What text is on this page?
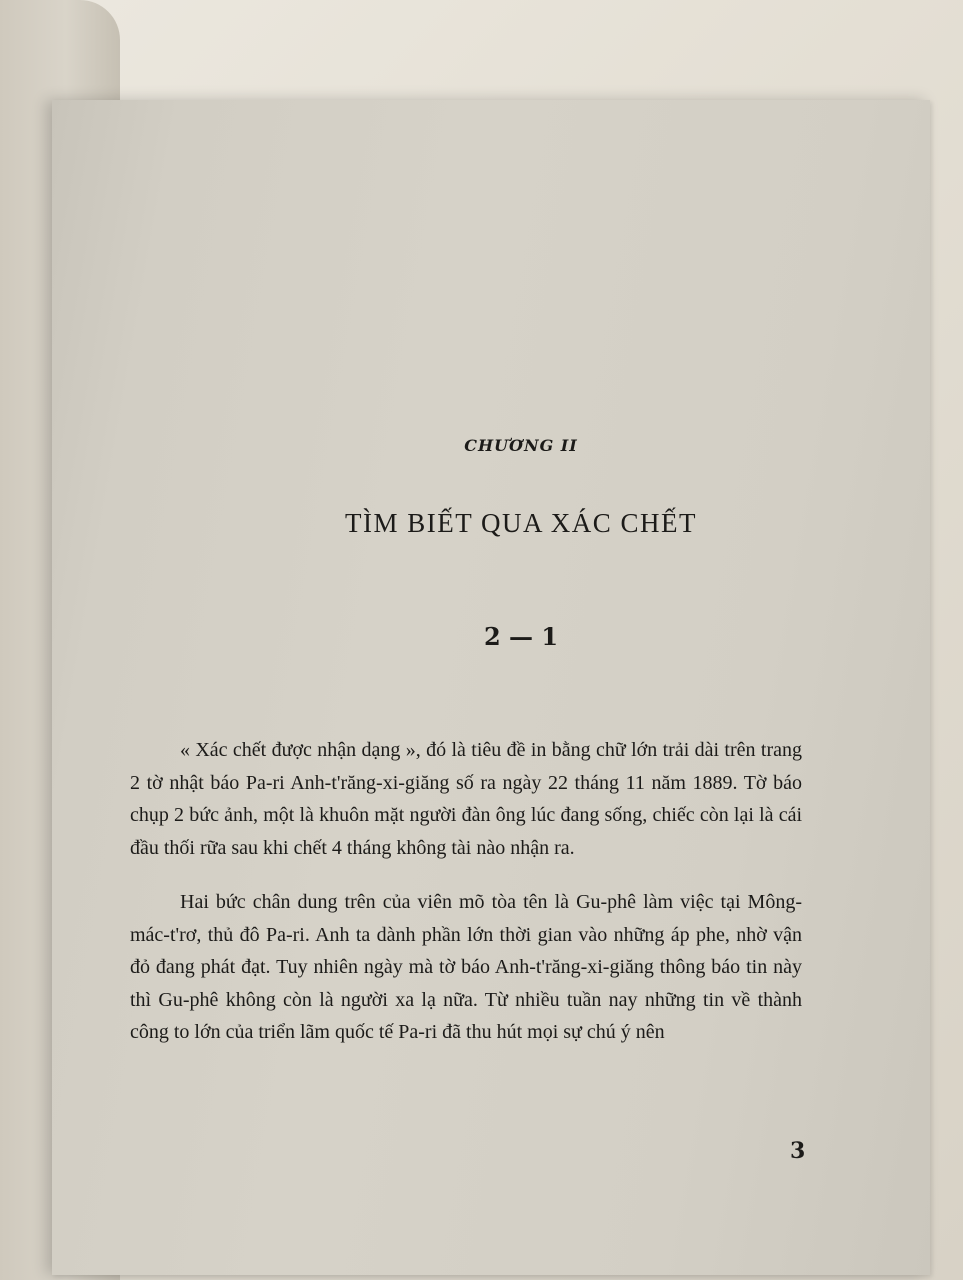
CHƯƠNG II
TÌM BIẾT QUA XÁC CHẾT
2 — 1

« Xác chết được nhận dạng », đó là tiêu đề in bằng chữ lớn trải dài trên trang 2 tờ nhật báo Pa-ri Anh-t'răng-xi-giăng số ra ngày 22 tháng 11 năm 1889. Tờ báo chụp 2 bức ảnh, một là khuôn mặt người đàn ông lúc đang sống, chiếc còn lại là cái đầu thối rữa sau khi chết 4 tháng không tài nào nhận ra.

Hai bức chân dung trên của viên mõ tòa tên là Gu-phê làm việc tại Mông-mác-t'rơ, thủ đô Pa-ri. Anh ta dành phần lớn thời gian vào những áp phe, nhờ vận đỏ đang phát đạt. Tuy nhiên ngày mà tờ báo Anh-t'răng-xi-giăng thông báo tin này thì Gu-phê không còn là người xa lạ nữa. Từ nhiều tuần nay những tin về thành công to lớn của triển lãm quốc tế Pa-ri đã thu hút mọi sự chú ý nên

3
